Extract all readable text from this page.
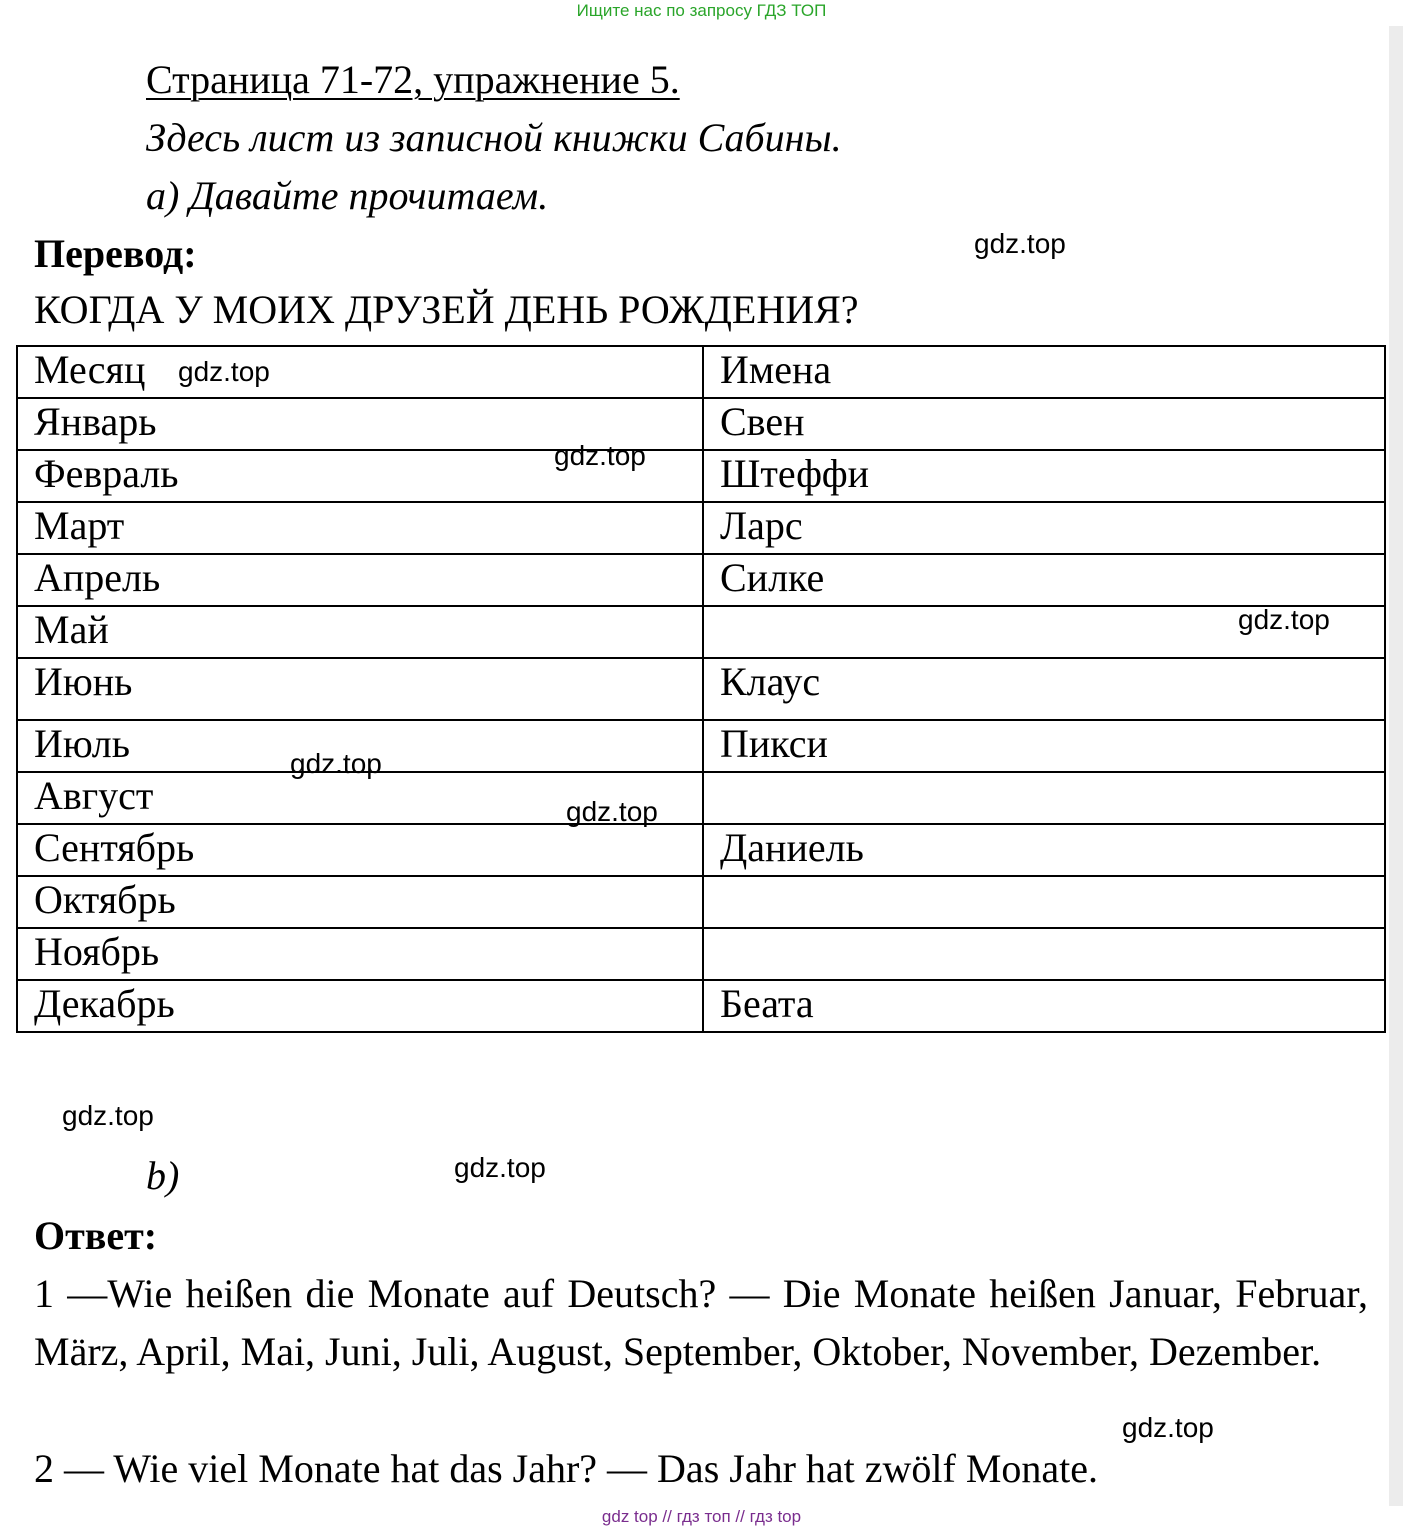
Ищите нас по запросу ГДЗ ТОП
Страница 71-72, упражнение 5.
Здесь лист из записной книжки Сабины.
a) Давайте прочитаем.
Перевод:
КОГДА У МОИХ ДРУЗЕЙ ДЕНЬ РОЖДЕНИЯ?
Месяц	Имена
Январь	Свен
Февраль	Штеффи
Март	Ларс
Апрель	Силке
Май	
Июнь	Клаус
Июль	Пикси
Август	
Сентябрь	Даниель
Октябрь	
Ноябрь	
Декабрь	Беата
b)
Ответ:
1 —Wie heißen die Monate auf Deutsch? — Die Monate heißen Januar, Februar, März, April, Mai, Juni, Juli, August, September, Oktober, November, Dezember.
2 — Wie viel Monate hat das Jahr? — Das Jahr hat zwölf Monate.
gdz.top
gdz.top
gdz.top
gdz.top
gdz.top
gdz.top
gdz.top
gdz.top
gdz.top
gdz top // гдз топ // гдз top
